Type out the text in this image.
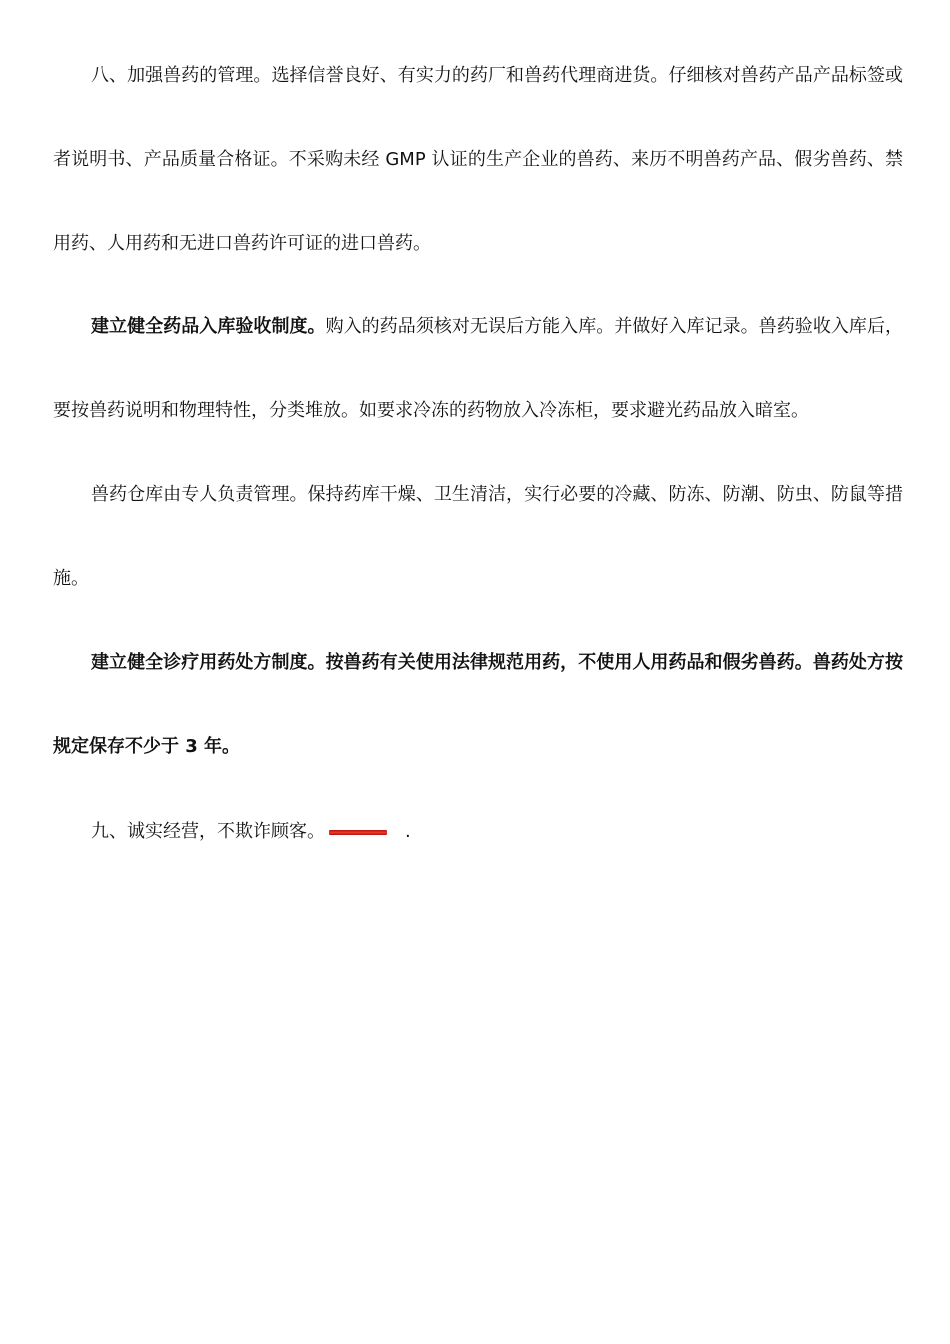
八、加强兽药的管理。选择信誉良好、有实力的药厂和兽药代理商进货。仔细核对兽药产品产品标签或者说明书、产品质量合格证。不采购未经 GMP 认证的生产企业的兽药、来历不明兽药产品、假劣兽药、禁用药、人用药和无进口兽药许可证的进口兽药。

建立健全药品入库验收制度。购入的药品须核对无误后方能入库。并做好入库记录。兽药验收入库后，要按兽药说明和物理特性，分类堆放。如要求冷冻的药物放入冷冻柜，要求避光药品放入暗室。

兽药仓库由专人负责管理。保持药库干燥、卫生清洁，实行必要的冷藏、防冻、防潮、防虫、防鼠等措施。

建立健全诊疗用药处方制度。按兽药有关使用法律规范用药，不使用人用药品和假劣兽药。兽药处方按规定保存不少于 3 年。

九、诚实经营，不欺诈顾客。	.
